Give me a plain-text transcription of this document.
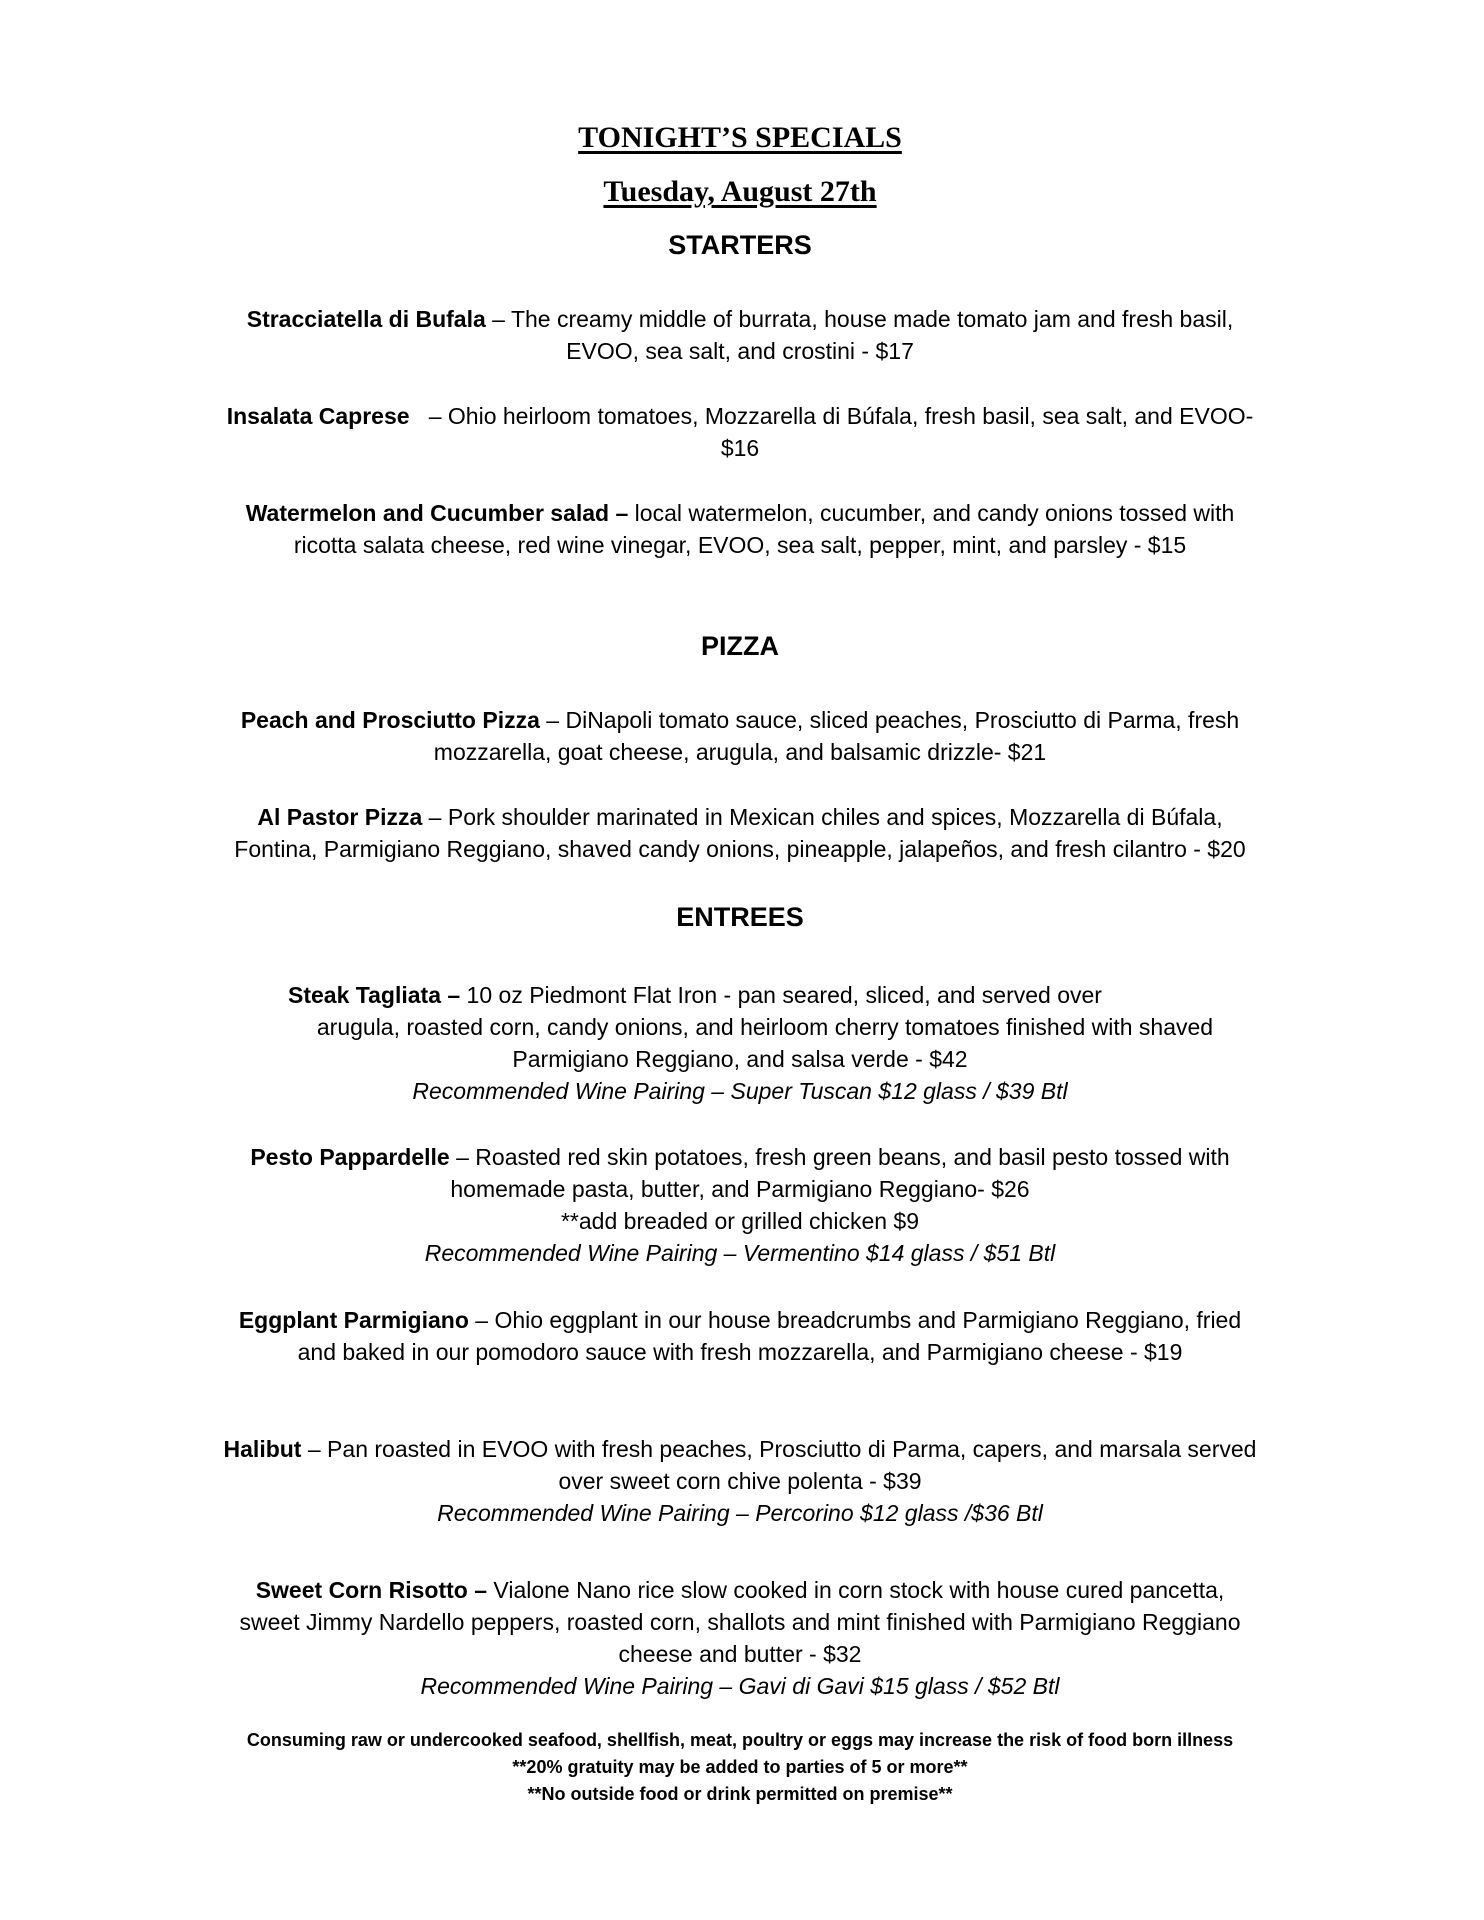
TONIGHT’S SPECIALS
Tuesday, August 27th
STARTERS
Stracciatella di Bufala – The creamy middle of burrata, house made tomato jam and fresh basil,
EVOO, sea salt, and crostini - $17
Insalata Caprese   – Ohio heirloom tomatoes, Mozzarella di Búfala, fresh basil, sea salt, and EVOO-
$16
Watermelon and Cucumber salad – local watermelon, cucumber, and candy onions tossed with
ricotta salata cheese, red wine vinegar, EVOO, sea salt, pepper, mint, and parsley - $15
PIZZA
Peach and Prosciutto Pizza – DiNapoli tomato sauce, sliced peaches, Prosciutto di Parma, fresh
mozzarella, goat cheese, arugula, and balsamic drizzle- $21
Al Pastor Pizza – Pork shoulder marinated in Mexican chiles and spices, Mozzarella di Búfala,
Fontina, Parmigiano Reggiano, shaved candy onions, pineapple, jalapeños, and fresh cilantro - $20
ENTREES
Steak Tagliata – 10 oz Piedmont Flat Iron - pan seared, sliced, and served over
arugula, roasted corn, candy onions, and heirloom cherry tomatoes finished with shaved
Parmigiano Reggiano, and salsa verde - $42
Recommended Wine Pairing – Super Tuscan $12 glass / $39 Btl
Pesto Pappardelle – Roasted red skin potatoes, fresh green beans, and basil pesto tossed with
homemade pasta, butter, and Parmigiano Reggiano- $26
**add breaded or grilled chicken $9
Recommended Wine Pairing – Vermentino $14 glass / $51 Btl
Eggplant Parmigiano – Ohio eggplant in our house breadcrumbs and Parmigiano Reggiano, fried
and baked in our pomodoro sauce with fresh mozzarella, and Parmigiano cheese - $19
Halibut – Pan roasted in EVOO with fresh peaches, Prosciutto di Parma, capers, and marsala served
over sweet corn chive polenta - $39
Recommended Wine Pairing – Percorino $12 glass /$36 Btl
Sweet Corn Risotto – Vialone Nano rice slow cooked in corn stock with house cured pancetta,
sweet Jimmy Nardello peppers, roasted corn, shallots and mint finished with Parmigiano Reggiano
cheese and butter - $32
Recommended Wine Pairing – Gavi di Gavi $15 glass / $52 Btl
Consuming raw or undercooked seafood, shellfish, meat, poultry or eggs may increase the risk of food born illness
**20% gratuity may be added to parties of 5 or more**
**No outside food or drink permitted on premise**
